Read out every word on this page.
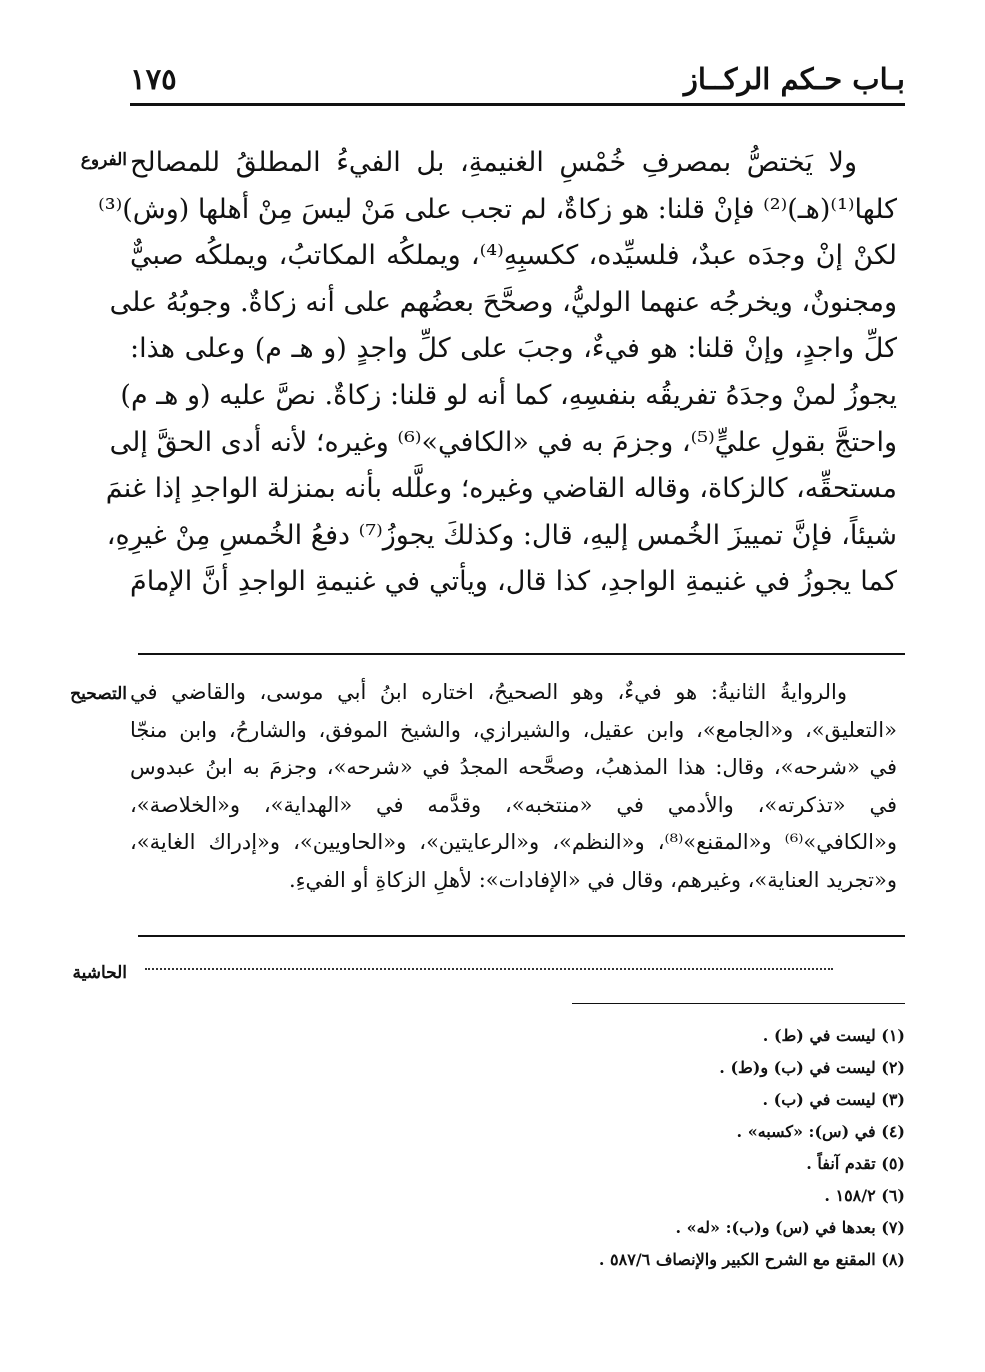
بـاب حـكم الركــاز
١٧٥
الفروع
التصحيح
الحاشية
ولا يَختصُّ بمصرفِ خُمْسِ الغنيمةِ، بل الفيءُ المطلقُ للمصالح
كلها⁽¹⁾(هـ)⁽²⁾ فإنْ قلنا: هو زكاةٌ، لم تجب على مَنْ ليسَ مِنْ أهلها (وش)⁽³⁾
لكنْ إنْ وجدَه عبدٌ، فلسيِّده، ككسبِهِ⁽⁴⁾، ويملكُه المكاتبُ، ويملكُه صبيٌّ
ومجنونٌ، ويخرجُه عنهما الوليُّ، وصحَّحَ بعضُهم على أنه زكاةٌ. وجوبُهُ على
كلِّ واجدٍ، وإنْ قلنا: هو فيءٌ، وجبَ على كلِّ واجدٍ (و هـ م) وعلى هذا:
يجوزُ لمنْ وجدَهُ تفريقُه بنفسِهِ، كما أنه لو قلنا: زكاةٌ. نصَّ عليه (و هـ م)
واحتجَّ بقولِ عليٍّ⁽⁵⁾، وجزمَ به في «الكافي»⁽⁶⁾ وغيره؛ لأنه أدى الحقَّ إلى
مستحقِّه، كالزكاة، وقاله القاضي وغيره؛ وعلَّله بأنه بمنزلة الواجدِ إذا غنمَ
شيئاً، فإنَّ تمييزَ الخُمس إليهِ، قال: وكذلكَ يجوزُ⁽⁷⁾ دفعُ الخُمسِ مِنْ غيرِهِ،
كما يجوزُ في غنيمةِ الواجدِ، كذا قال، ويأتي في غنيمةِ الواجدِ أنَّ الإمامَ
والروايةُ الثانيةُ: هو فيءٌ، وهو الصحيحُ، اختاره ابنُ أبي موسى، والقاضي في
«التعليق»، و«الجامع»، وابن عقيل، والشيرازي، والشيخ الموفق، والشارحُ، وابن منجّا
في «شرحه»، وقال: هذا المذهبُ، وصحَّحه المجدُ في «شرحه»، وجزمَ به ابنُ عبدوس
في «تذكرته»، والأدمي في «منتخبه»، وقدَّمه في «الهداية»، و«الخلاصة»،
و«الكافي»⁽⁶⁾ و«المقنع»⁽⁸⁾، و«النظم»، و«الرعايتين»، و«الحاويين»، و«إدراك الغاية»،
و«تجريد العناية»، وغيرهم، وقال في «الإفادات»: لأهلِ الزكاةِ أو الفيءِ.
(١) ليست في (ط) .
(٢) ليست في (ب) و(ط) .
(٣) ليست في (ب) .
(٤) في (س): «كسبه» .
(٥) تقدم آنفاً .
(٦) ١٥٨/٢ .
(٧) بعدها في (س) و(ب): «له» .
(٨) المقنع مع الشرح الكبير والإنصاف ٥٨٧/٦ .
